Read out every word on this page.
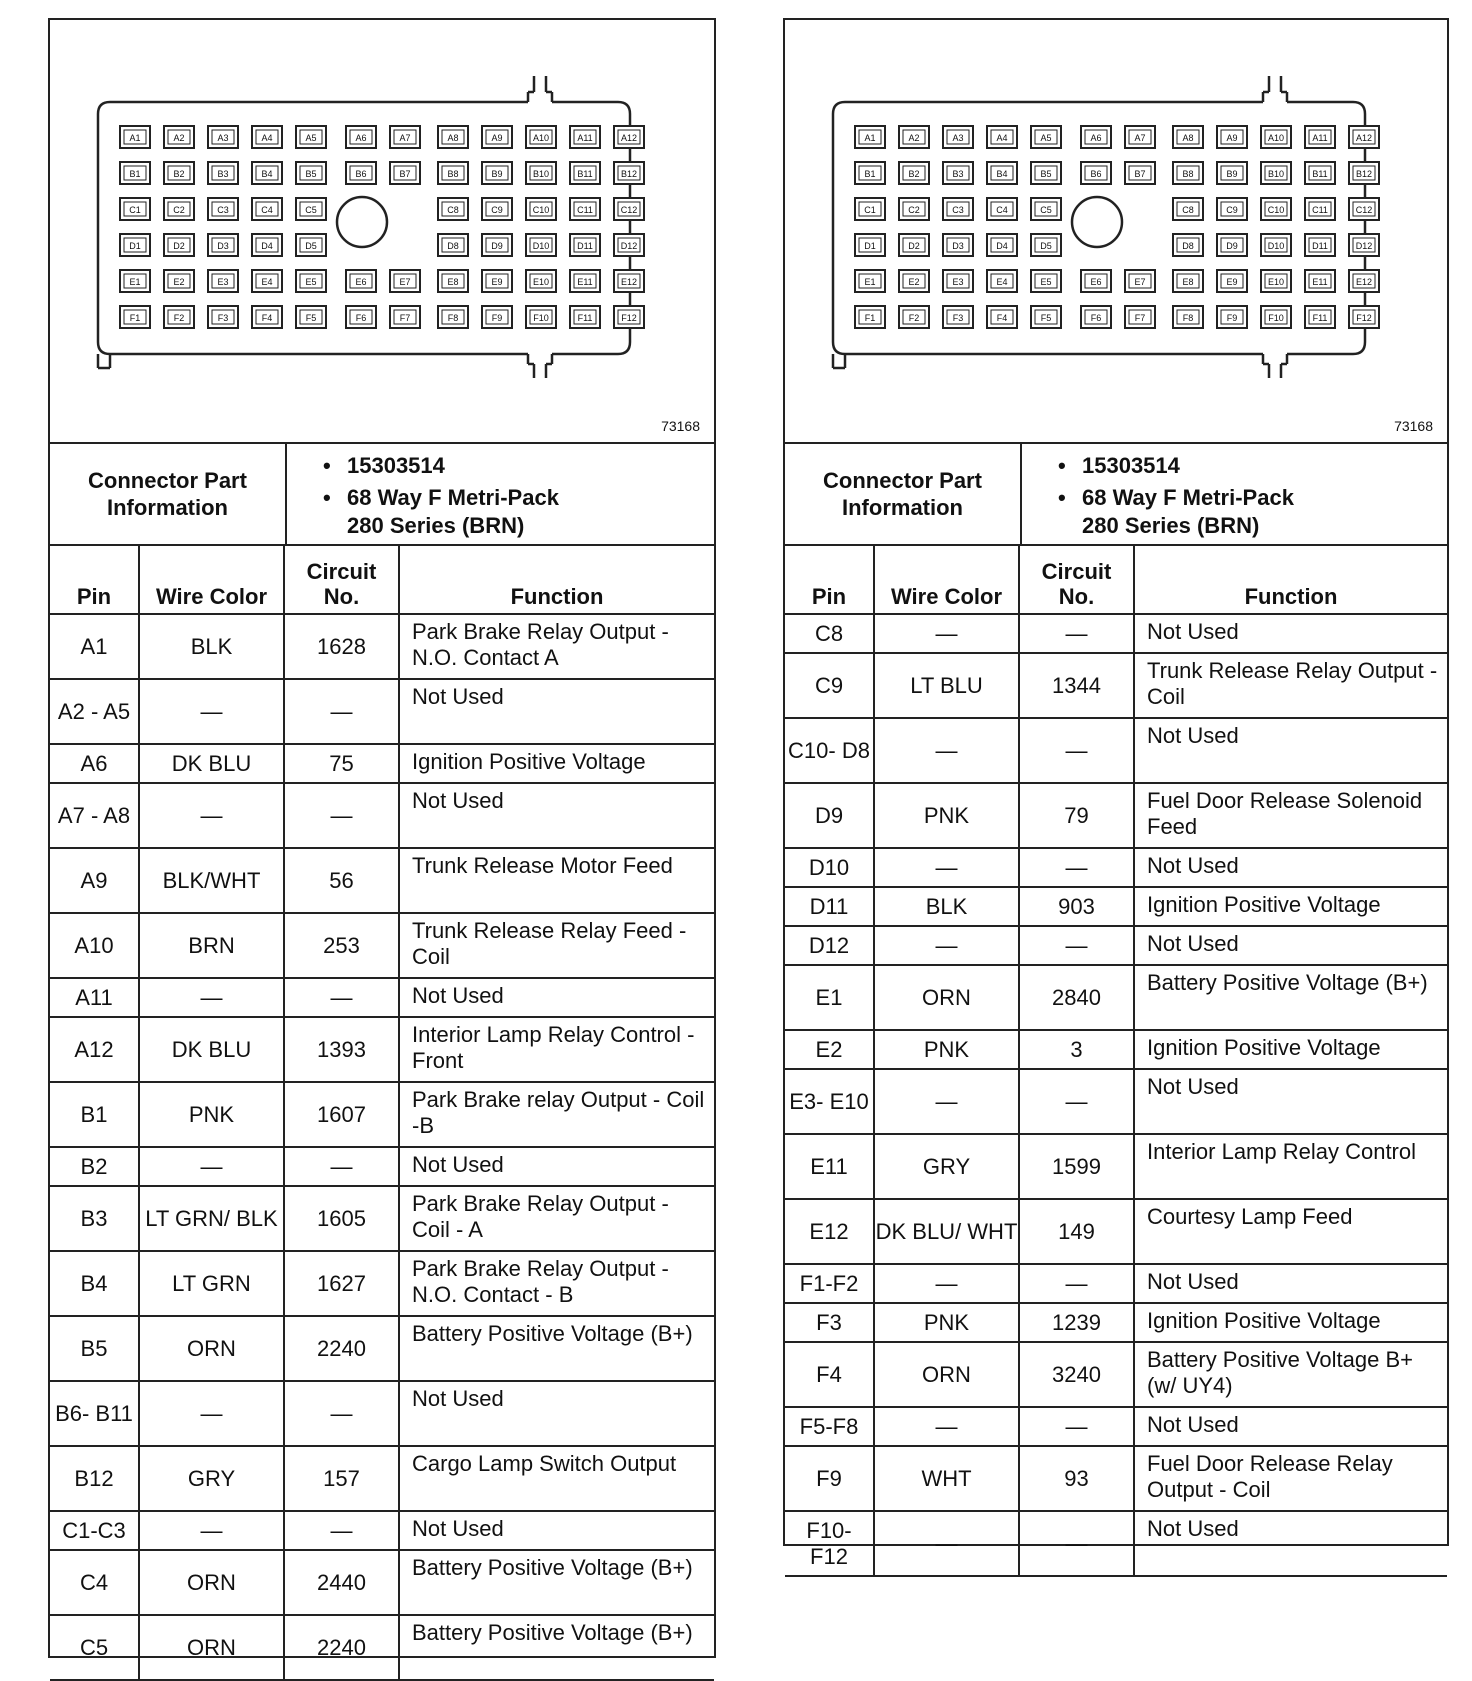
A1	A2	A3	A4	A5	A6	A7	A8	A9	A10	A11	A12
B1	B2	B3	B4	B5	B6	B7	B8	B9	B10	B11	B12
C1	C2	C3	C4	C5	C8	C9	C10	C11	C12
D1	D2	D3	D4	D5	D8	D9	D10	D11	D12
E1	E2	E3	E4	E5	E6	E7	E8	E9	E10	E11	E12
F1	F2	F3	F4	F5	F6	F7	F8	F9	F10	F11	F12
73168
Connector Part Information
• 15303514
• 68 Way F Metri-Pack
280 Series (BRN)
Pin	Wire Color	Circuit No.	Function
A1	BLK	1628	Park Brake Relay Output - N.O. Contact A
A2 - A5	—	—	Not Used
A6	DK BLU	75	Ignition Positive Voltage
A7 - A8	—	—	Not Used
A9	BLK/WHT	56	Trunk Release Motor Feed
A10	BRN	253	Trunk Release Relay Feed - Coil
A11	—	—	Not Used
A12	DK BLU	1393	Interior Lamp Relay Control - Front
B1	PNK	1607	Park Brake relay Output - Coil -B
B2	—	—	Not Used
B3	LT GRN/ BLK	1605	Park Brake Relay Output - Coil - A
B4	LT GRN	1627	Park Brake Relay Output - N.O. Contact - B
B5	ORN	2240	Battery Positive Voltage (B+)
B6- B11	—	—	Not Used
B12	GRY	157	Cargo Lamp Switch Output
C1-C3	—	—	Not Used
C4	ORN	2440	Battery Positive Voltage (B+)
C5	ORN	2240	Battery Positive Voltage (B+)
A1	A2	A3	A4	A5	A6	A7	A8	A9	A10	A11	A12
B1	B2	B3	B4	B5	B6	B7	B8	B9	B10	B11	B12
C1	C2	C3	C4	C5	C8	C9	C10	C11	C12
D1	D2	D3	D4	D5	D8	D9	D10	D11	D12
E1	E2	E3	E4	E5	E6	E7	E8	E9	E10	E11	E12
F1	F2	F3	F4	F5	F6	F7	F8	F9	F10	F11	F12
73168
Connector Part Information
• 15303514
• 68 Way F Metri-Pack
280 Series (BRN)
Pin	Wire Color	Circuit No.	Function
C8	—	—	Not Used
C9	LT BLU	1344	Trunk Release Relay Output - Coil
C10- D8	—	—	Not Used
D9	PNK	79	Fuel Door Release Solenoid Feed
D10	—	—	Not Used
D11	BLK	903	Ignition Positive Voltage
D12	—	—	Not Used
E1	ORN	2840	Battery Positive Voltage (B+)
E2	PNK	3	Ignition Positive Voltage
E3- E10	—	—	Not Used
E11	GRY	1599	Interior Lamp Relay Control
E12	DK BLU/ WHT	149	Courtesy Lamp Feed
F1-F2	—	—	Not Used
F3	PNK	1239	Ignition Positive Voltage
F4	ORN	3240	Battery Positive Voltage B+ (w/ UY4)
F5-F8	—	—	Not Used
F9	WHT	93	Fuel Door Release Relay Output - Coil
F10- F12	—	—	Not Used
